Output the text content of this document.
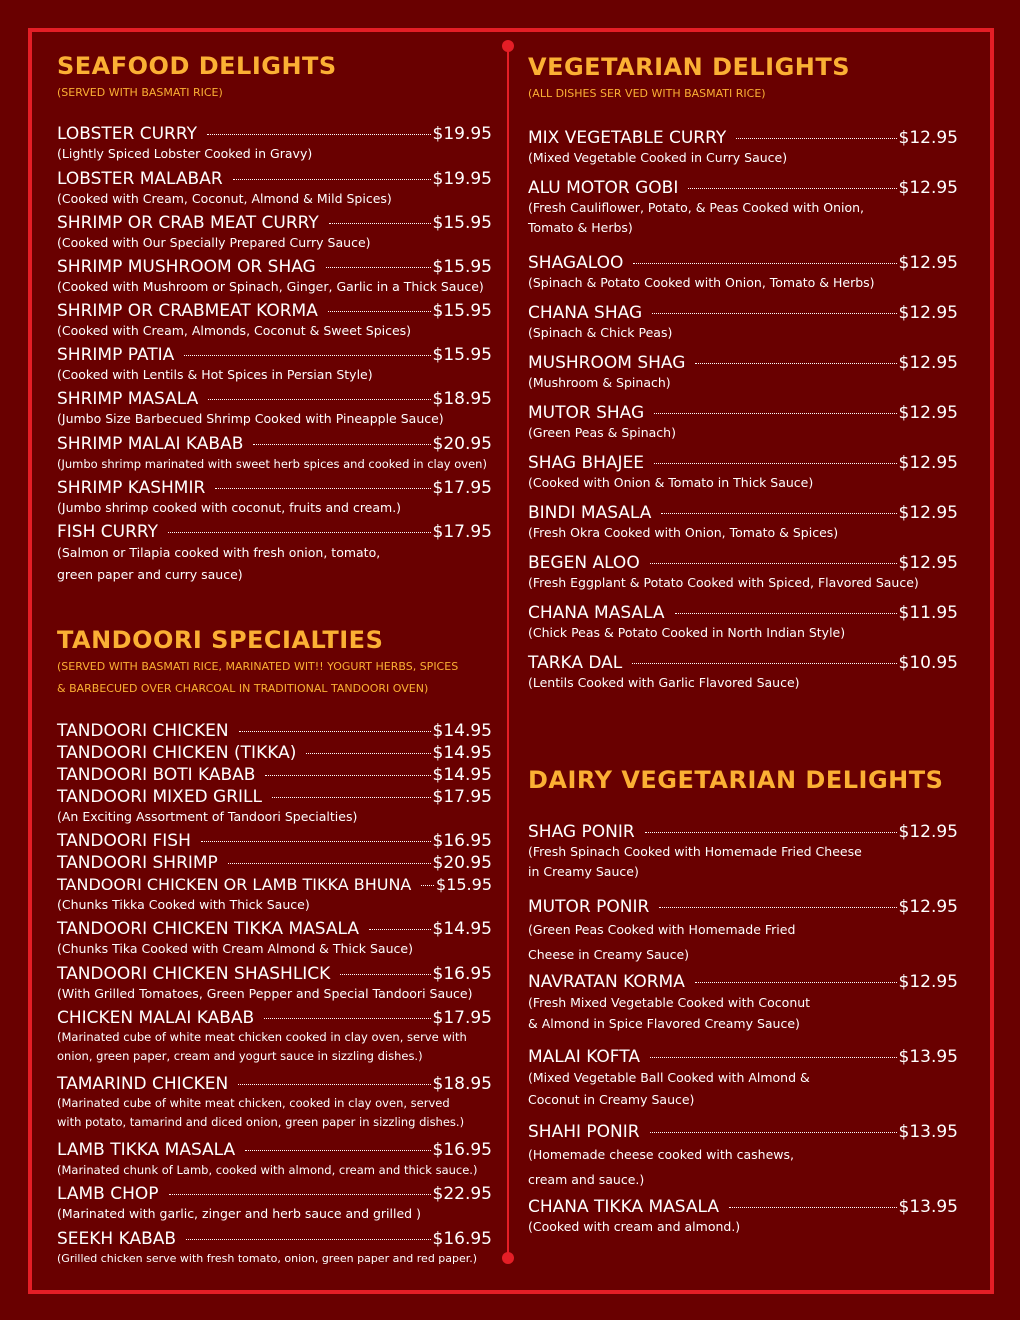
SEAFOOD DELIGHTS

(SERVED WITH BASMATI RICE)

LOBSTER CURRY	$19.95
(Lightly Spiced Lobster Cooked in Gravy)
LOBSTER MALABAR	$19.95
(Cooked with Cream, Coconut, Almond & Mild Spices)
SHRIMP OR CRAB MEAT CURRY	$15.95
(Cooked with Our Specially Prepared Curry Sauce)
SHRIMP MUSHROOM OR SHAG	$15.95
(Cooked with Mushroom or Spinach, Ginger, Garlic in a Thick Sauce)
SHRIMP OR CRABMEAT KORMA	$15.95
(Cooked with Cream, Almonds, Coconut & Sweet Spices)
SHRIMP PATIA	$15.95
(Cooked with Lentils & Hot Spices in Persian Style)
SHRIMP MASALA	$18.95
(Jumbo Size Barbecued Shrimp Cooked with Pineapple Sauce)
SHRIMP MALAI KABAB	$20.95
(Jumbo shrimp marinated with sweet herb spices and cooked in clay oven)
SHRIMP KASHMIR	$17.95
(Jumbo shrimp cooked with coconut, fruits and cream.)
FISH CURRY	$17.95
(Salmon or Tilapia cooked with fresh onion, tomato,
green paper and curry sauce)
TANDOORI SPECIALTIES

(SERVED WITH BASMATI RICE, MARINATED WIT!! YOGURT HERBS, SPICES

& BARBECUED OVER CHARCOAL IN TRADITIONAL TANDOORI OVEN)

TANDOORI CHICKEN	$14.95
TANDOORI CHICKEN (TIKKA)	$14.95
TANDOORI BOTI KABAB	$14.95
TANDOORI MIXED GRILL	$17.95
(An Exciting Assortment of Tandoori Specialties)
TANDOORI FISH	$16.95
TANDOORI SHRIMP	$20.95
TANDOORI CHICKEN OR LAMB TIKKA BHUNA $15.95
(Chunks Tikka Cooked with Thick Sauce)
TANDOORI CHICKEN TIKKA MASALA	$14.95
(Chunks Tika Cooked with Cream Almond & Thick Sauce)
TANDOORI CHICKEN SHASHLICK	$16.95
(With Grilled Tomatoes, Green Pepper and Special Tandoori Sauce)
CHICKEN MALAI KABAB	$17.95
(Marinated cube of white meat chicken cooked in clay oven, serve with
onion, green paper, cream and yogurt sauce in sizzling dishes.)
TAMARIND CHICKEN	$18.95
(Marinated cube of white meat chicken, cooked in clay oven, served
with potato, tamarind and diced onion, green paper in sizzling dishes.)
LAMB TIKKA MASALA	$16.95
(Marinated chunk of Lamb, cooked with almond, cream and thick sauce.)
LAMB CHOP	$22.95
(Marinated with garlic, zinger and herb sauce and grilled )
SEEKH KABAB	$16.95
(Grilled chicken serve with fresh tomato, onion, green paper and red paper.)
VEGETARIAN DELIGHTS

(ALL DISHES SER VED WITH BASMATI RICE)

MIX VEGETABLE CURRY	$12.95
(Mixed Vegetable Cooked in Curry Sauce)
ALU MOTOR GOBI	$12.95
(Fresh Cauliflower, Potato, & Peas Cooked with Onion,
Tomato & Herbs)
SHAGALOO	$12.95
(Spinach & Potato Cooked with Onion, Tomato & Herbs)
CHANA SHAG	$12.95
(Spinach & Chick Peas)
MUSHROOM SHAG	$12.95
(Mushroom & Spinach)
MUTOR SHAG	$12.95
(Green Peas & Spinach)
SHAG BHAJEE	$12.95
(Cooked with Onion & Tomato in Thick Sauce)
BINDI MASALA	$12.95
(Fresh Okra Cooked with Onion, Tomato & Spices)
BEGEN ALOO	$12.95
(Fresh Eggplant & Potato Cooked with Spiced, Flavored Sauce)
CHANA MASALA	$11.95
(Chick Peas & Potato Cooked in North Indian Style)
TARKA DAL	$10.95
(Lentils Cooked with Garlic Flavored Sauce)
DAIRY VEGETARIAN DELIGHTS
SHAG PONIR	$12.95
(Fresh Spinach Cooked with Homemade Fried Cheese
in Creamy Sauce)
MUTOR PONIR	$12.95
(Green Peas Cooked with Homemade Fried
Cheese in Creamy Sauce)
NAVRATAN KORMA	$12.95
(Fresh Mixed Vegetable Cooked with Coconut
& Almond in Spice Flavored Creamy Sauce)
MALAI KOFTA	$13.95
(Mixed Vegetable Ball Cooked with Almond &
Coconut in Creamy Sauce)
SHAHI PONIR	$13.95
(Homemade cheese cooked with cashews,
cream and sauce.)
CHANA TIKKA MASALA	$13.95
(Cooked with cream and almond.)
